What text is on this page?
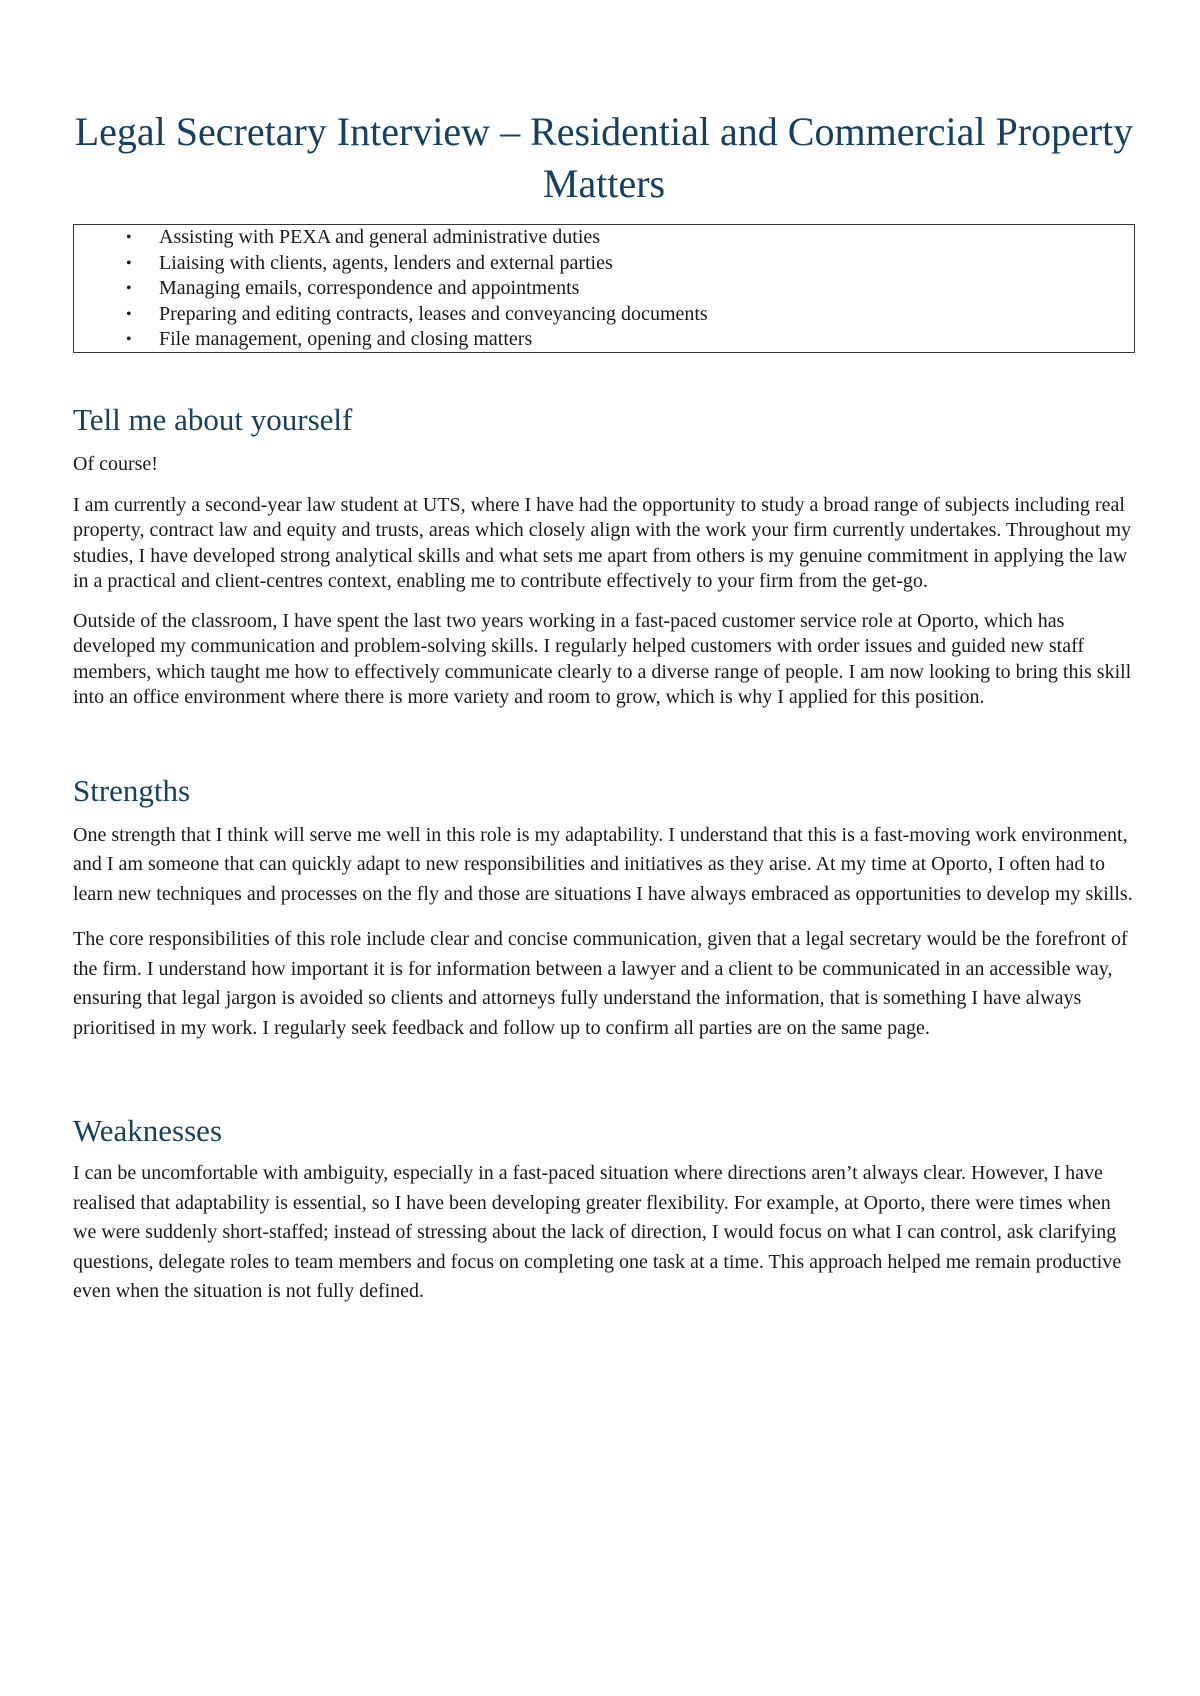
Legal Secretary Interview – Residential and Commercial Property Matters
• Assisting with PEXA and general administrative duties
• Liaising with clients, agents, lenders and external parties
• Managing emails, correspondence and appointments
• Preparing and editing contracts, leases and conveyancing documents
• File management, opening and closing matters
Tell me about yourself

Of course!

I am currently a second-year law student at UTS, where I have had the opportunity to study a broad range of subjects including real property, contract law and equity and trusts, areas which closely align with the work your firm currently undertakes. Throughout my studies, I have developed strong analytical skills and what sets me apart from others is my genuine commitment in applying the law in a practical and client-centres context, enabling me to contribute effectively to your firm from the get-go.

Outside of the classroom, I have spent the last two years working in a fast-paced customer service role at Oporto, which has developed my communication and problem-solving skills. I regularly helped customers with order issues and guided new staff members, which taught me how to effectively communicate clearly to a diverse range of people. I am now looking to bring this skill into an office environment where there is more variety and room to grow, which is why I applied for this position.

Strengths

One strength that I think will serve me well in this role is my adaptability. I understand that this is a fast-moving work environment, and I am someone that can quickly adapt to new responsibilities and initiatives as they arise. At my time at Oporto, I often had to learn new techniques and processes on the fly and those are situations I have always embraced as opportunities to develop my skills.

The core responsibilities of this role include clear and concise communication, given that a legal secretary would be the forefront of the firm. I understand how important it is for information between a lawyer and a client to be communicated in an accessible way, ensuring that legal jargon is avoided so clients and attorneys fully understand the information, that is something I have always prioritised in my work. I regularly seek feedback and follow up to confirm all parties are on the same page.

Weaknesses

I can be uncomfortable with ambiguity, especially in a fast-paced situation where directions aren’t always clear. However, I have realised that adaptability is essential, so I have been developing greater flexibility. For example, at Oporto, there were times when we were suddenly short-staffed; instead of stressing about the lack of direction, I would focus on what I can control, ask clarifying questions, delegate roles to team members and focus on completing one task at a time. This approach helped me remain productive even when the situation is not fully defined.
